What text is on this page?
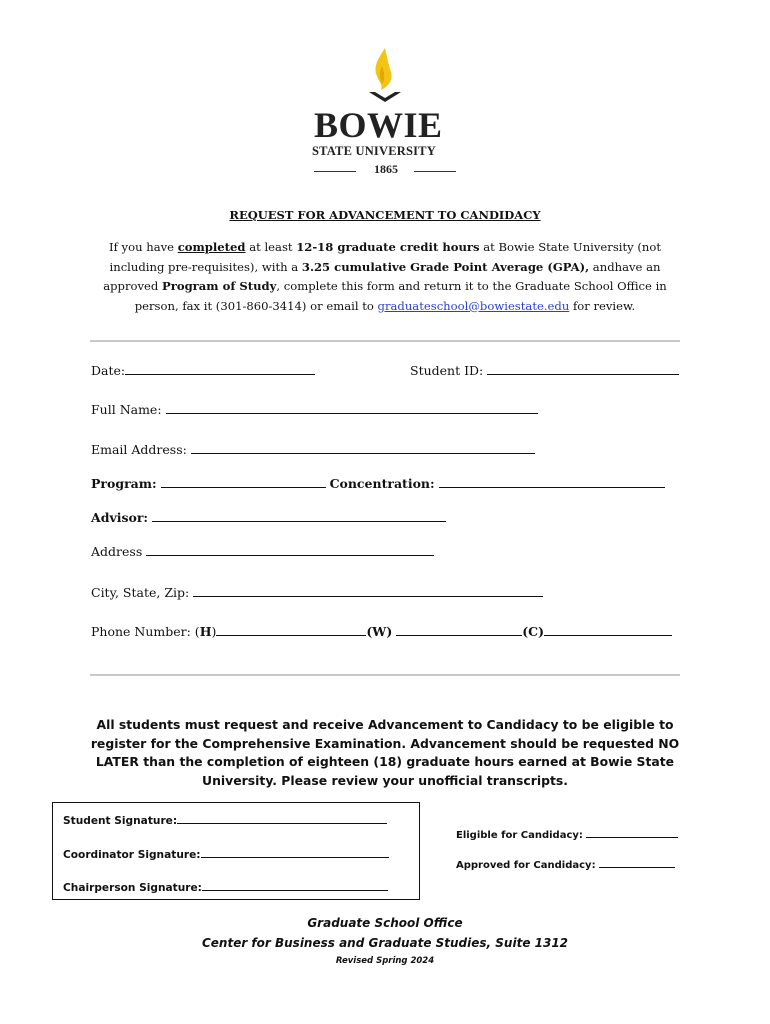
BOWIE
STATE UNIVERSITY
1865
REQUEST FOR ADVANCEMENT TO CANDIDACY
If you have completed at least 12-18 graduate credit hours at Bowie State University (not including pre-requisites), with a 3.25 cumulative Grade Point Average (GPA), andhave an approved Program of Study, complete this form and return it to the Graduate School Office in person, fax it (301-860-3414) or email to graduateschool@bowiestate.edu for review.
Date:	Student ID:
Full Name:
Email Address:
Program:	Concentration:
Advisor:
Address
City, State, Zip:
Phone Number: (H)	(W)	(C)
All students must request and receive Advancement to Candidacy to be eligible to register for the Comprehensive Examination. Advancement should be requested NO LATER than the completion of eighteen (18) graduate hours earned at Bowie State University. Please review your unofficial transcripts.
Student Signature:
Coordinator Signature:
Chairperson Signature:
Eligible for Candidacy:
Approved for Candidacy:
Graduate School Office
Center for Business and Graduate Studies, Suite 1312
Revised Spring 2024
